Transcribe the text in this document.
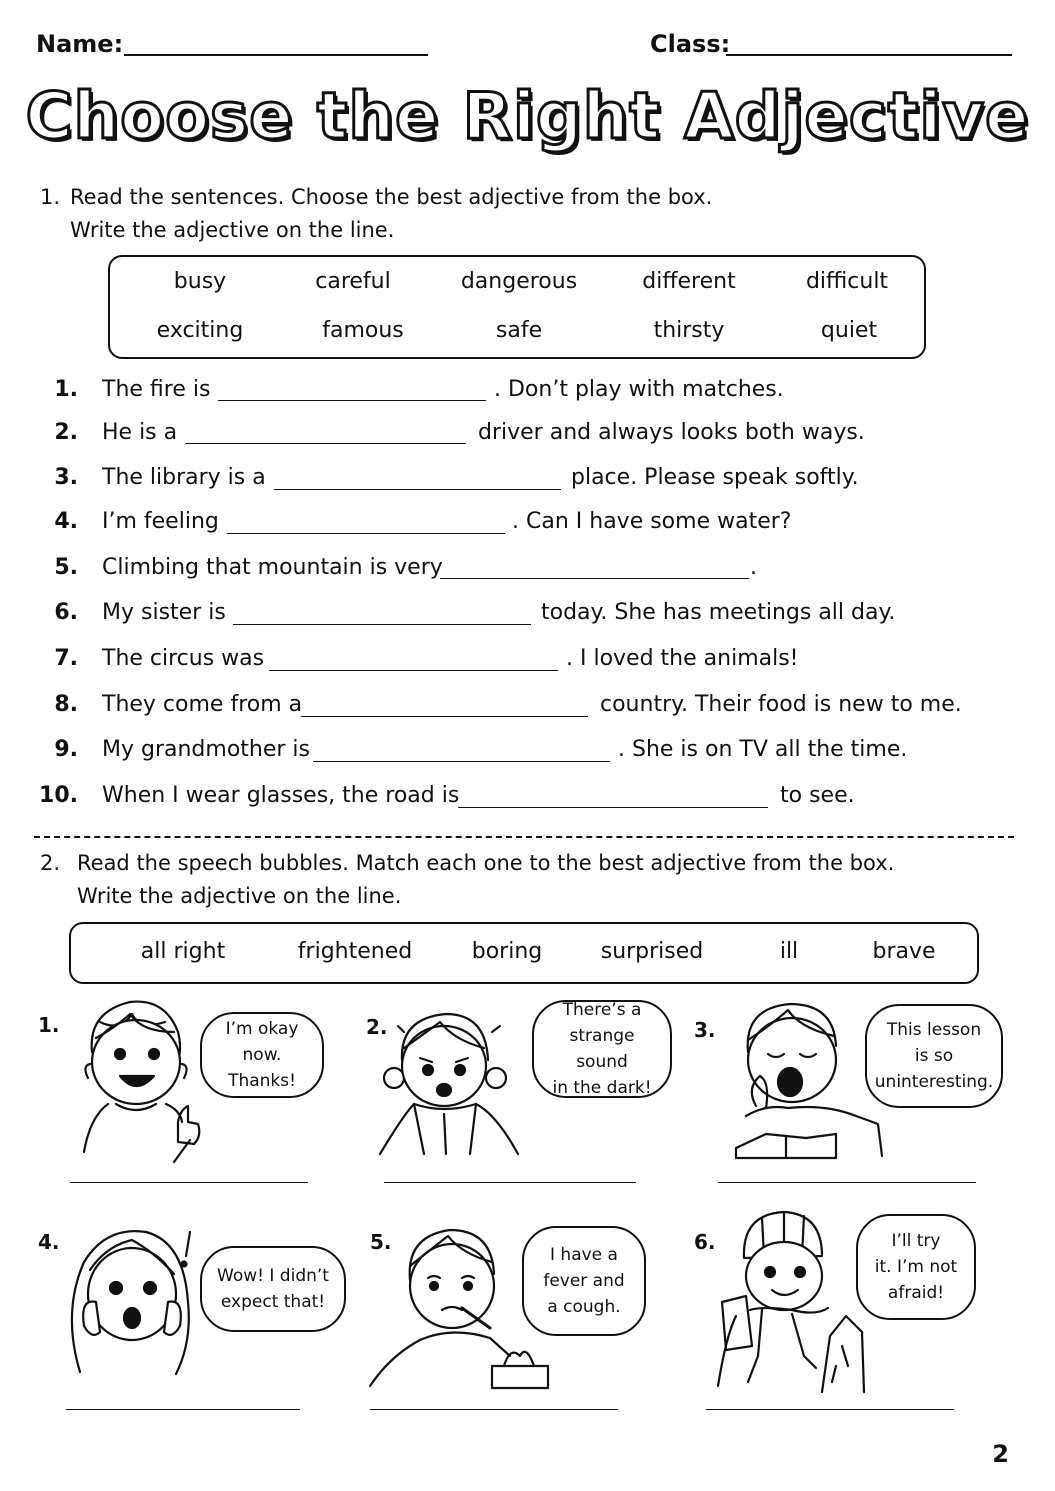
Name:	Class:
Choose the Right Adjective
1. Read the sentences. Choose the best adjective from the box.
Write the adjective on the line.
busy	careful	dangerous	different	difficult
exciting	famous	safe	thirsty	quiet
1. The fire is	. Don’t play with matches.
2. He is a	driver and always looks both ways.
3. The library is a	place. Please speak softly.
4. I’m feeling	. Can I have some water?
5. Climbing that mountain is very	.
6. My sister is	today. She has meetings all day.
7. The circus was	. I loved the animals!
8. They come from a	country. Their food is new to me.
9. My grandmother is	. She is on TV all the time.
10. When I wear glasses, the road is	to see.
2. Read the speech bubbles. Match each one to the best adjective from the box.
Write the adjective on the line.
all right	frightened	boring	surprised	ill	brave
1.	I’m okay
now. Thanks!
2.
There’s a
strange sound
in the dark!
3.	This lesson
is so
uninteresting.
4.
Wow! I didn’t
expect that!
5.
I have a
fever and
a cough.
6.	I’ll try
it. I’m not
afraid!
2
